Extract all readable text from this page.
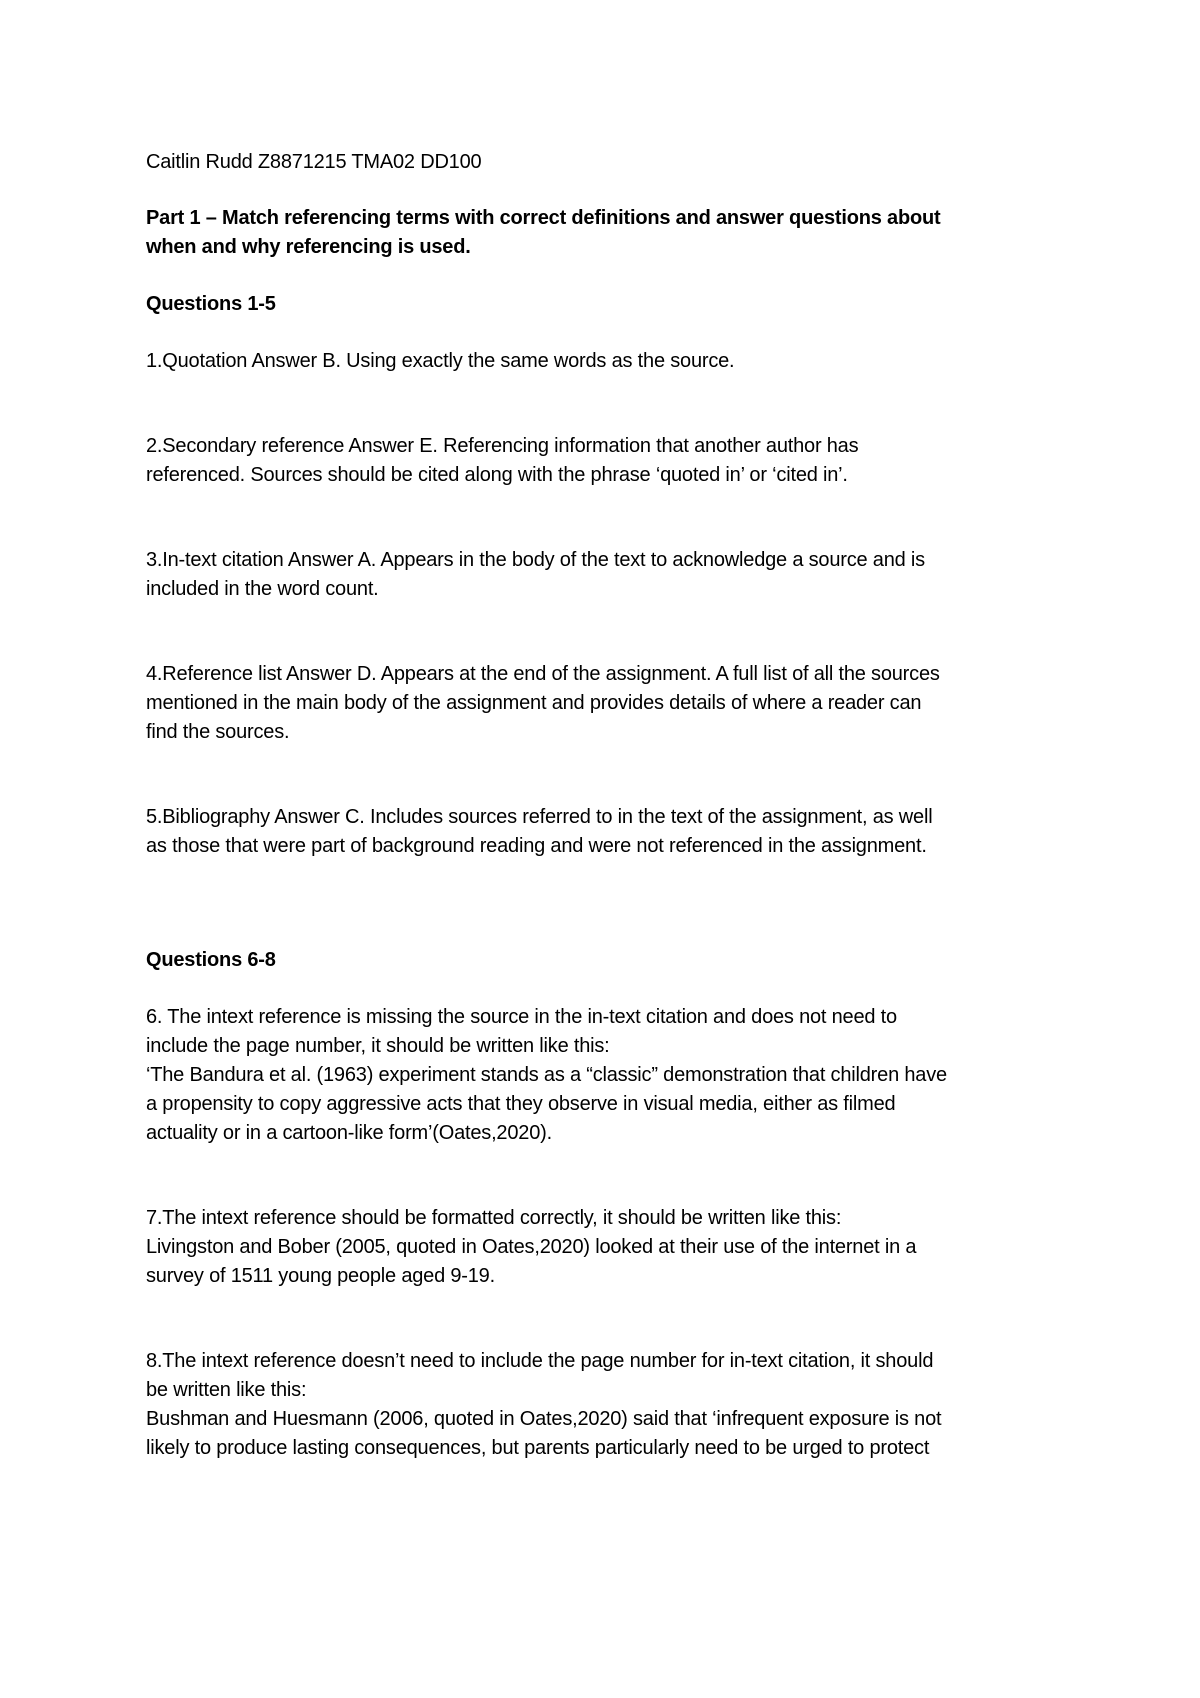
Caitlin Rudd Z8871215 TMA02 DD100
Part 1 – Match referencing terms with correct definitions and answer questions about
when and why referencing is used.
Questions 1-5
1.Quotation Answer B. Using exactly the same words as the source.
2.Secondary reference Answer E. Referencing information that another author has
referenced. Sources should be cited along with the phrase ‘quoted in’ or ‘cited in’.
3.In-text citation Answer A. Appears in the body of the text to acknowledge a source and is
included in the word count.
4.Reference list Answer D. Appears at the end of the assignment. A full list of all the sources
mentioned in the main body of the assignment and provides details of where a reader can
find the sources.
5.Bibliography Answer C. Includes sources referred to in the text of the assignment, as well
as those that were part of background reading and were not referenced in the assignment.
Questions 6-8
6. The intext reference is missing the source in the in-text citation and does not need to
include the page number, it should be written like this:
‘The Bandura et al. (1963) experiment stands as a “classic” demonstration that children have
a propensity to copy aggressive acts that they observe in visual media, either as filmed
actuality or in a cartoon-like form’(Oates,2020).
7.The intext reference should be formatted correctly, it should be written like this:
Livingston and Bober (2005, quoted in Oates,2020) looked at their use of the internet in a
survey of 1511 young people aged 9-19.
8.The intext reference doesn’t need to include the page number for in-text citation, it should
be written like this:
Bushman and Huesmann (2006, quoted in Oates,2020) said that ‘infrequent exposure is not
likely to produce lasting consequences, but parents particularly need to be urged to protect
